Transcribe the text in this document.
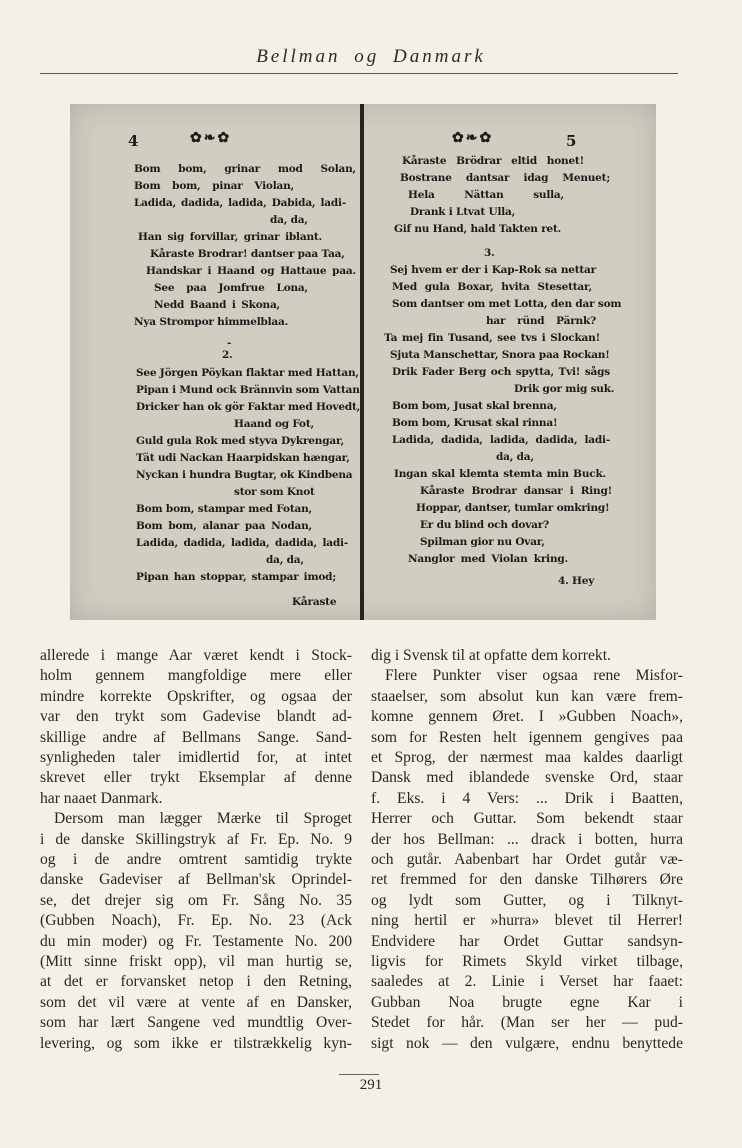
Bellman og Danmark
4	✿❧✿
Bom bom, grinar mod Solan,
Bom bom, pinar Violan,
Ladida, dadida, ladida, Dabida, ladi-
da, da,
Han sig forvillar, grinar iblant.
Kåraste Brodrar! dantser paa Taa,
Handskar i Haand og Hattaue paa.
See paa Jomfrue Lona,
Nedd Baand i Skona,
Nya Strompor himmelblaa.
-
2.
See Jörgen Pöykan flaktar med Hattan,
Pipan i Mund ock Brännvin som Vattan
Dricker han ok gör Faktar med Hovedt,
Haand og Fot,
Guld gula Rok med styva Dykrengar,
Tät udi Nackan Haarpidskan hængar,
Nyckan i hundra Bugtar, ok Kindbena
stor som Knot
Bom bom, stampar med Fotan,
Bom bom, alanar paa Nodan,
Ladida, dadida, ladida, dadida, ladi-
da, da,
Pipan han stoppar, stampar imod;
Kåraste
✿❧✿	5
Kåraste Brödrar eltid honet!
Bostrane dantsar idag Menuet;
Hela Nättan sulla,
Drank i Ltvat Ulla,
Gif nu Hand, hald Takten ret.
3.
Sej hvem er der i Kap-Rok sa nettar
Med gula Boxar, hvita Stesettar,
Som dantser om met Lotta, den dar som
har ründ Pärnk?
Ta mej fin Tusand, see tvs i Slockan!
Sjuta Manschettar, Snora paa Rockan!
Drik Fader Berg och spytta, Tvi! sågs
Drik gor mig suk.
Bom bom, Jusat skal brenna,
Bom bom, Krusat skal rinna!
Ladida, dadida, ladida, dadida, ladi-
da, da,
Ingan skal klemta stemta min Buck.
Kåraste Brodrar dansar i Ring!
Hoppar, dantser, tumlar omkring!
Er du blind och dovar?
Spilman gior nu Ovar,
Nanglor med Violan kring.
4. Hey
allerede i mange Aar været kendt i Stock-
holm gennem mangfoldige mere eller
mindre korrekte Opskrifter, og ogsaa der
var den trykt som Gadevise blandt ad-
skillige andre af Bellmans Sange. Sand-
synligheden taler imidlertid for, at intet
skrevet eller trykt Eksemplar af denne
har naaet Danmark.
Dersom man lægger Mærke til Sproget
i de danske Skillingstryk af Fr. Ep. No. 9
og i de andre omtrent samtidig trykte
danske Gadeviser af Bellman'sk Oprindel-
se, det drejer sig om Fr. Sång No. 35
(Gubben Noach), Fr. Ep. No. 23 (Ack
du min moder) og Fr. Testamente No. 200
(Mitt sinne friskt opp), vil man hurtig se,
at det er forvansket netop i den Retning,
som det vil være at vente af en Dansker,
som har lært Sangene ved mundtlig Over-
levering, og som ikke er tilstrækkelig kyn-
dig i Svensk til at opfatte dem korrekt.
Flere Punkter viser ogsaa rene Misfor-
staaelser, som absolut kun kan være frem-
komne gennem Øret. I »Gubben Noach»,
som for Resten helt igennem gengives paa
et Sprog, der nærmest maa kaldes daarligt
Dansk med iblandede svenske Ord, staar
f. Eks. i 4 Vers: ... Drik i Baatten,
Herrer och Guttar. Som bekendt staar
der hos Bellman: ... drack i botten, hurra
och gutår. Aabenbart har Ordet gutår væ-
ret fremmed for den danske Tilhørers Øre
og lydt som Gutter, og i Tilknyt-
ning hertil er »hurra» blevet til Herrer!
Endvidere har Ordet Guttar sandsyn-
ligvis for Rimets Skyld virket tilbage,
saaledes at 2. Linie i Verset har faaet:
Gubban Noa brugte egne Kar i
Stedet for hår. (Man ser her — pud-
sigt nok — den vulgære, endnu benyttede
291
